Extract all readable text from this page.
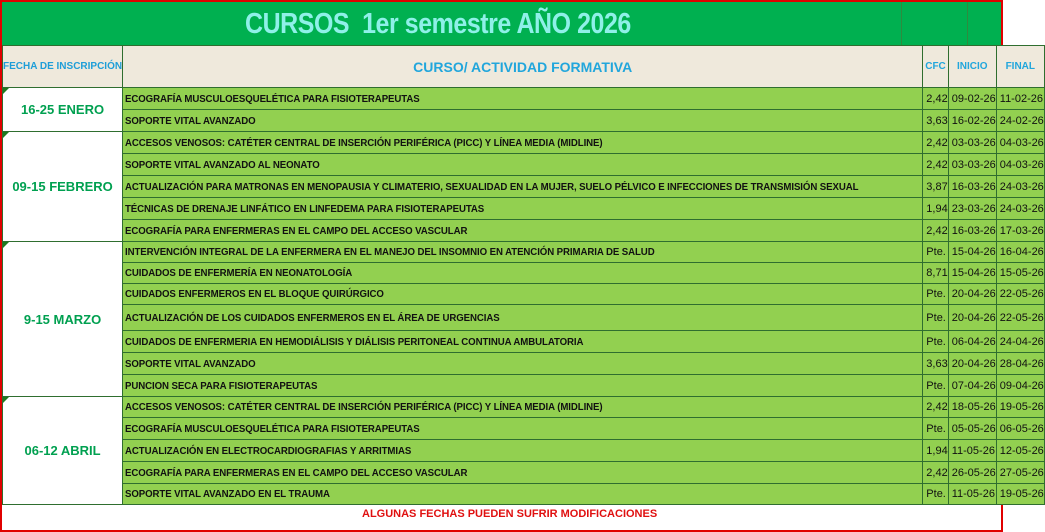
CURSOS  1er semestre AÑO 2026
FECHA DE INSCRIPCIÓN	CURSO/ ACTIVIDAD FORMATIVA	CFC	INICIO	FINAL
16-25 ENERO	ECOGRAFÍA MUSCULOESQUELÉTICA PARA FISIOTERAPEUTAS	2,42	09-02-26	11-02-26
	SOPORTE VITAL AVANZADO	3,63	16-02-26	24-02-26
09-15 FEBRERO	ACCESOS VENOSOS: CATÉTER CENTRAL DE INSERCIÓN PERIFÉRICA (PICC) Y LÍNEA MEDIA (MIDLINE)	2,42	03-03-26	04-03-26
	SOPORTE VITAL AVANZADO AL NEONATO	2,42	03-03-26	04-03-26
	ACTUALIZACIÓN PARA MATRONAS EN MENOPAUSIA Y CLIMATERIO, SEXUALIDAD EN LA MUJER, SUELO PÉLVICO E INFECCIONES DE TRANSMISIÓN SEXUAL	3,87	16-03-26	24-03-26
	TÉCNICAS DE DRENAJE LINFÁTICO EN LINFEDEMA PARA FISIOTERAPEUTAS	1,94	23-03-26	24-03-26
	ECOGRAFÍA PARA ENFERMERAS EN EL CAMPO DEL ACCESO VASCULAR	2,42	16-03-26	17-03-26
9-15 MARZO	INTERVENCIÓN INTEGRAL DE LA ENFERMERA EN EL MANEJO DEL INSOMNIO EN ATENCIÓN PRIMARIA DE SALUD	Pte.	15-04-26	16-04-26
	CUIDADOS DE ENFERMERÍA EN NEONATOLOGÍA	8,71	15-04-26	15-05-26
	CUIDADOS ENFERMEROS EN EL BLOQUE QUIRÚRGICO	Pte.	20-04-26	22-05-26
	ACTUALIZACIÓN DE LOS CUIDADOS ENFERMEROS EN EL ÁREA DE URGENCIAS	Pte.	20-04-26	22-05-26
	CUIDADOS DE ENFERMERIA EN HEMODIÁLISIS Y DIÁLISIS PERITONEAL CONTINUA AMBULATORIA	Pte.	06-04-26	24-04-26
	SOPORTE VITAL AVANZADO	3,63	20-04-26	28-04-26
	PUNCION SECA PARA FISIOTERAPEUTAS	Pte.	07-04-26	09-04-26
06-12 ABRIL	ACCESOS VENOSOS: CATÉTER CENTRAL DE INSERCIÓN PERIFÉRICA (PICC) Y LÍNEA MEDIA (MIDLINE)	2,42	18-05-26	19-05-26
	ECOGRAFÍA MUSCULOESQUELÉTICA PARA FISIOTERAPEUTAS	Pte.	05-05-26	06-05-26
	ACTUALIZACIÓN EN ELECTROCARDIOGRAFIAS Y ARRITMIAS	1,94	11-05-26	12-05-26
	ECOGRAFÍA PARA ENFERMERAS EN EL CAMPO DEL ACCESO VASCULAR	2,42	26-05-26	27-05-26
	SOPORTE VITAL AVANZADO EN EL TRAUMA	Pte.	11-05-26	19-05-26
ALGUNAS FECHAS PUEDEN SUFRIR MODIFICACIONES
